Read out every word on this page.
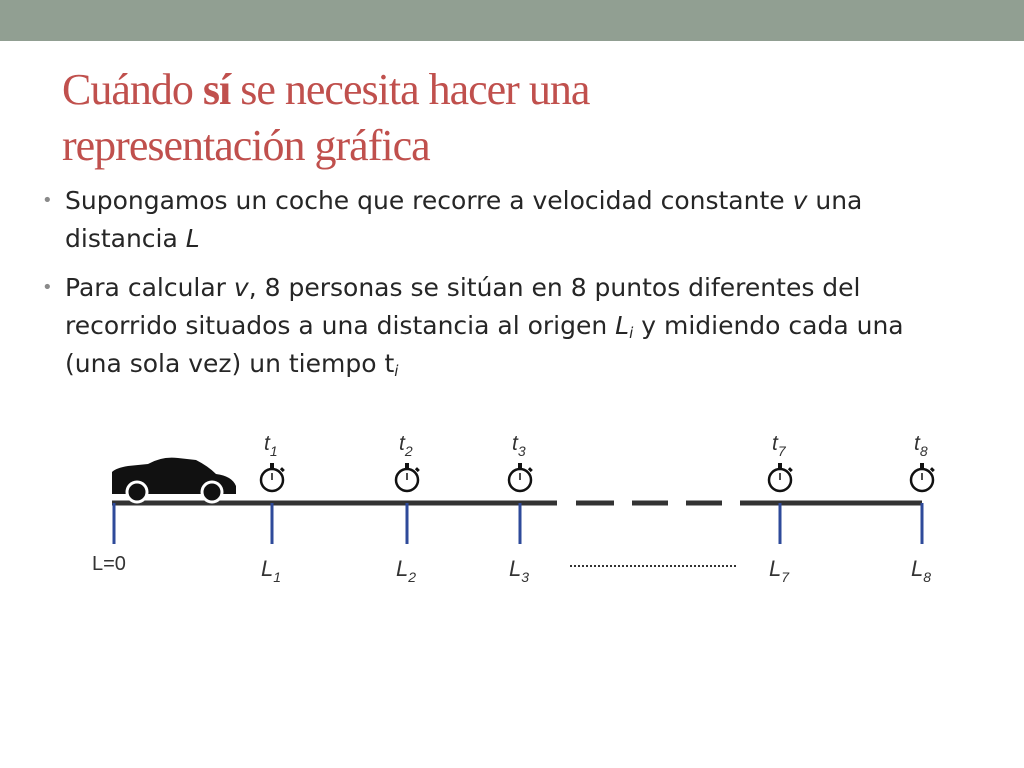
Cuándo sí se necesita hacer una
representación gráfica
• Supongamos un coche que recorre a velocidad constante v una
distancia L
• Para calcular v, 8 personas se sitúan en 8 puntos diferentes del
recorrido situados a una distancia al origen $L_i$ y midiendo cada una
(una sola vez) un tiempo $t_i$
L=0
$t_1$	$t_2$	$t_3$	$t_7$	$t_8$
$L_1$	$L_2$	$L_3$	$L_7$	$L_8$
